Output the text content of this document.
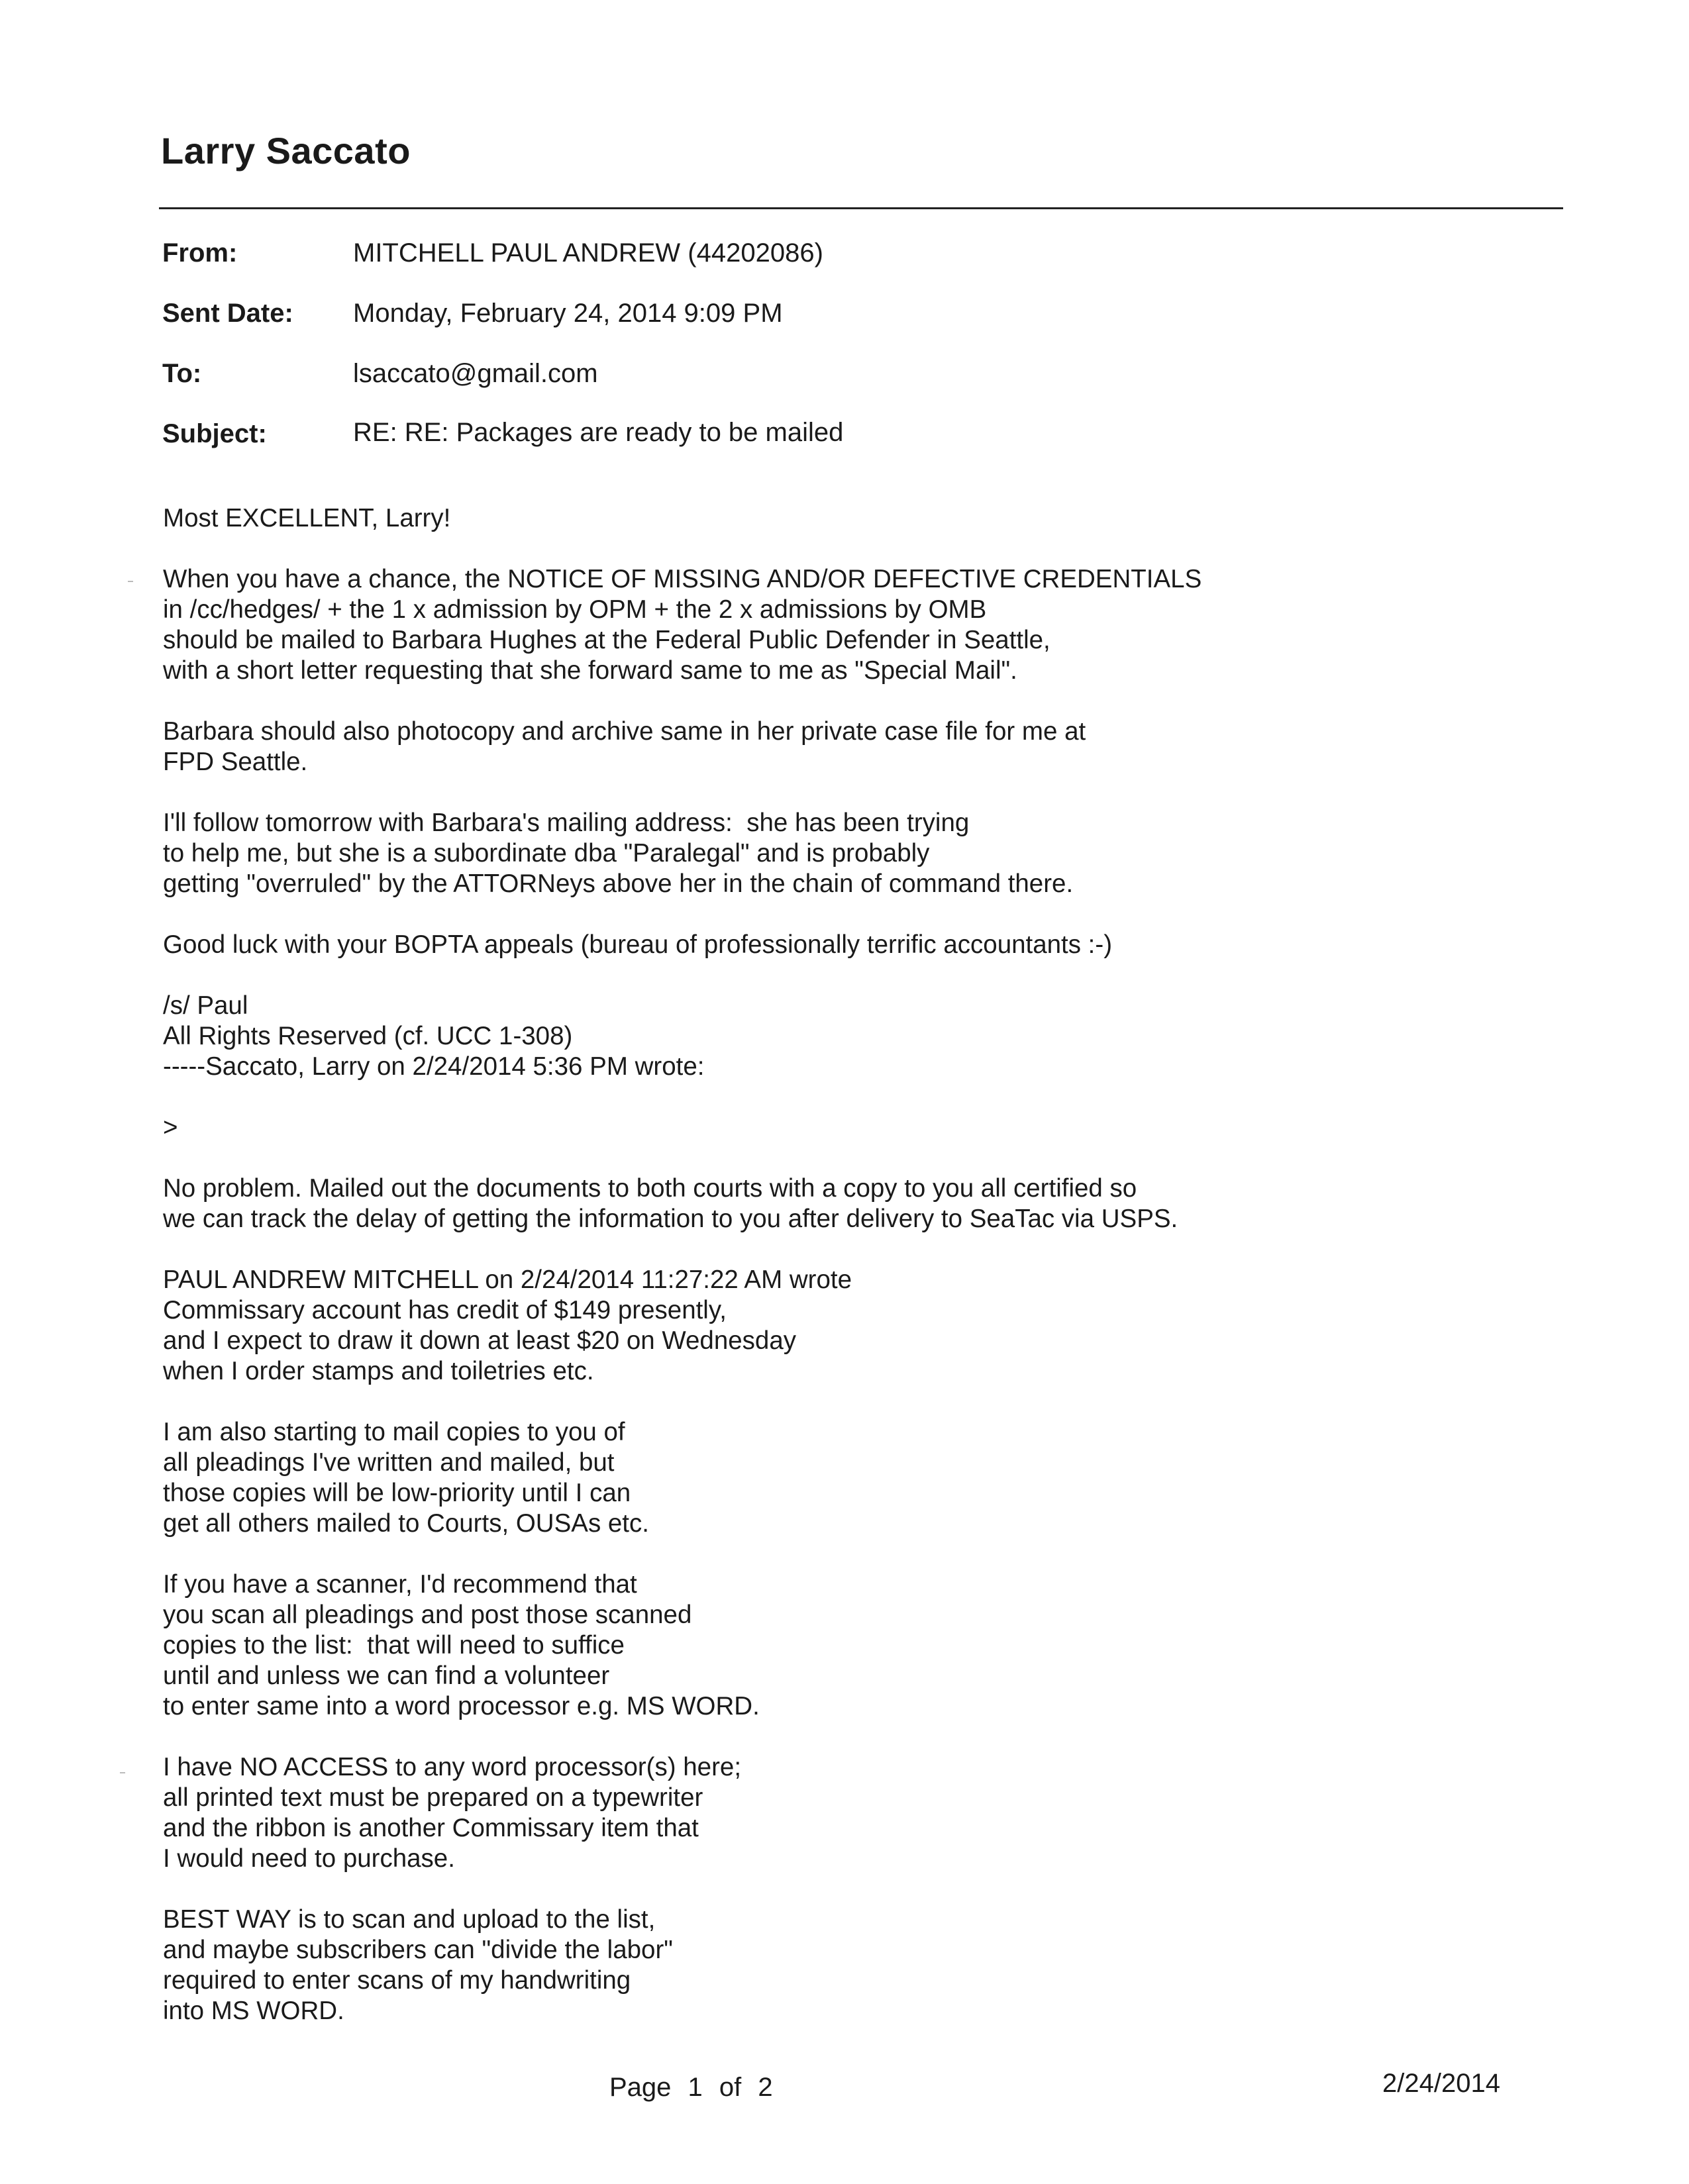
Larry Saccato
From:	MITCHELL PAUL ANDREW (44202086)
Sent Date: Monday, February 24, 2014 9:09 PM
To:	lsaccato@gmail.com
Subject:	RE: RE: Packages are ready to be mailed
Most EXCELLENT, Larry!

When you have a chance, the NOTICE OF MISSING AND/OR DEFECTIVE CREDENTIALS
in /cc/hedges/ + the 1 x admission by OPM + the 2 x admissions by OMB
should be mailed to Barbara Hughes at the Federal Public Defender in Seattle,
with a short letter requesting that she forward same to me as "Special Mail".

Barbara should also photocopy and archive same in her private case file for me at
FPD Seattle.

I'll follow tomorrow with Barbara's mailing address:  she has been trying
to help me, but she is a subordinate dba "Paralegal" and is probably
getting "overruled" by the ATTORNeys above her in the chain of command there.

Good luck with your BOPTA appeals (bureau of professionally terrific accountants :-)

/s/ Paul
All Rights Reserved (cf. UCC 1-308)
-----Saccato, Larry on 2/24/2014 5:36 PM wrote:

>

No problem. Mailed out the documents to both courts with a copy to you all certified so
we can track the delay of getting the information to you after delivery to SeaTac via USPS.

PAUL ANDREW MITCHELL on 2/24/2014 11:27:22 AM wrote
Commissary account has credit of $149 presently,
and I expect to draw it down at least $20 on Wednesday
when I order stamps and toiletries etc.

I am also starting to mail copies to you of
all pleadings I've written and mailed, but
those copies will be low-priority until I can
get all others mailed to Courts, OUSAs etc.

If you have a scanner, I'd recommend that
you scan all pleadings and post those scanned
copies to the list:  that will need to suffice
until and unless we can find a volunteer
to enter same into a word processor e.g. MS WORD.

I have NO ACCESS to any word processor(s) here;
all printed text must be prepared on a typewriter
and the ribbon is another Commissary item that
I would need to purchase.

BEST WAY is to scan and upload to the list,
and maybe subscribers can "divide the labor"
required to enter scans of my handwriting
into MS WORD.
Page 1 of 2	2/24/2014
